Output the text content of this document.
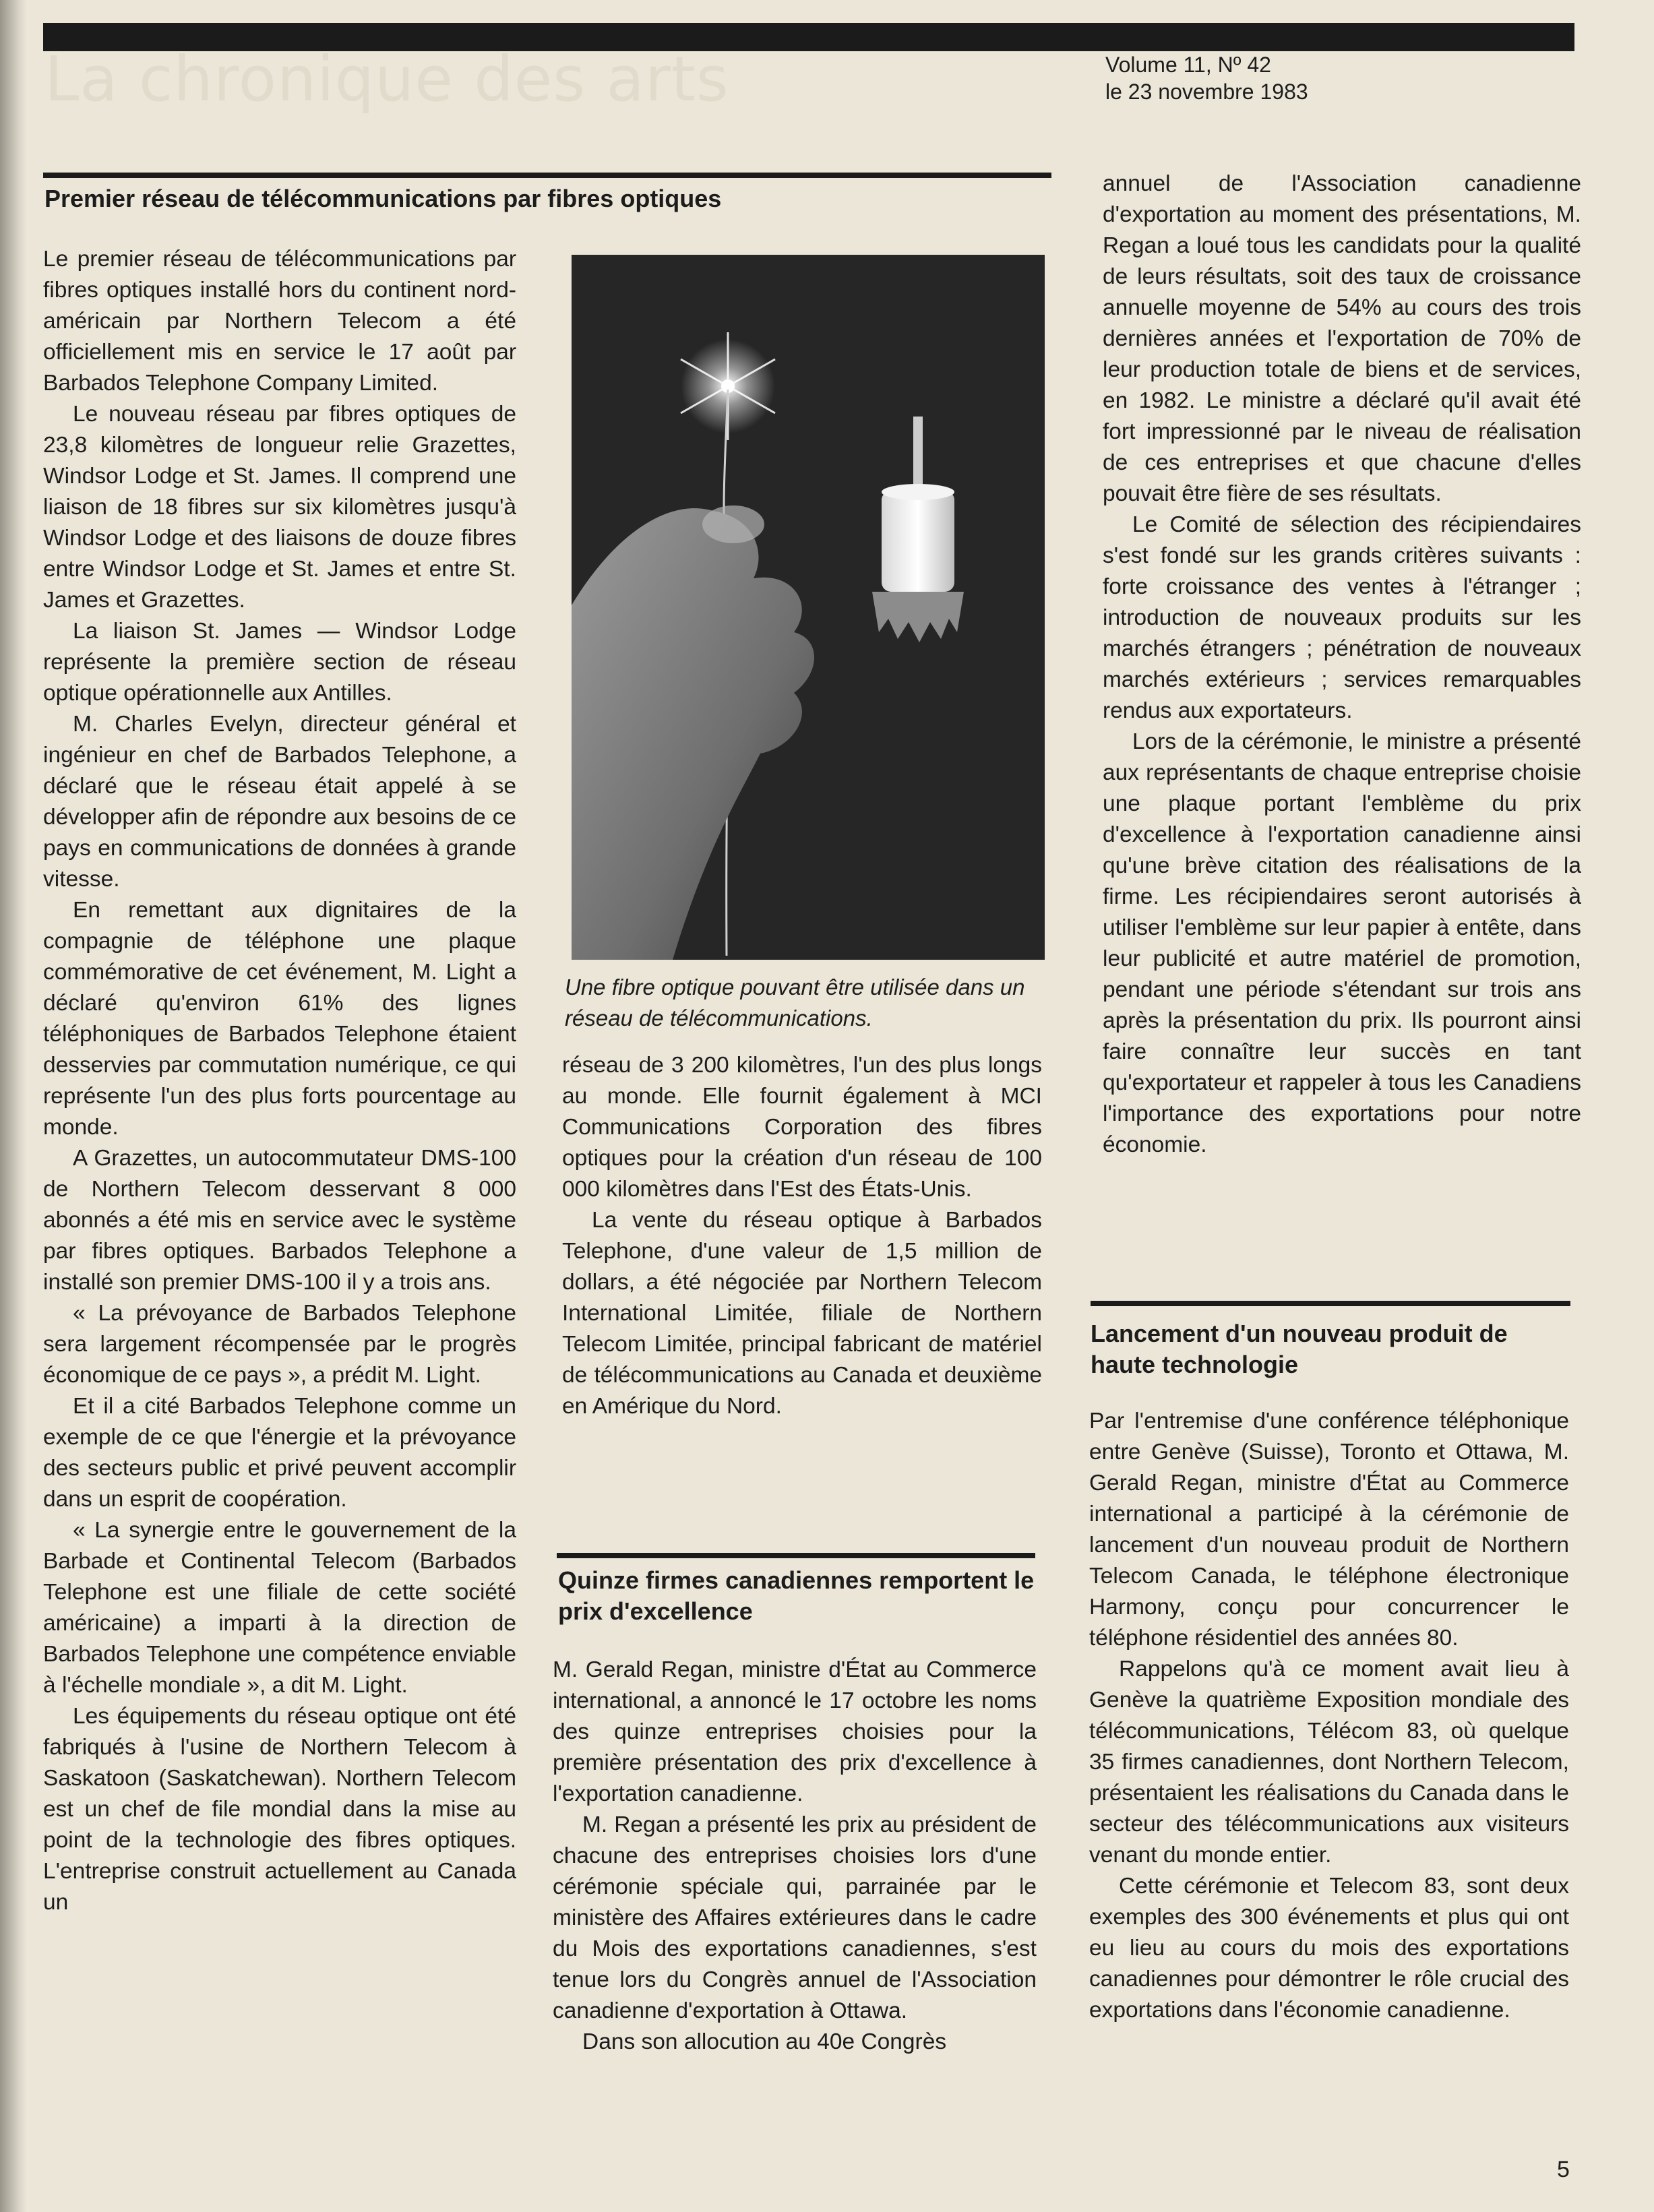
La chronique des arts	Volume 11, Nº 42
le 23 novembre 1983
Premier réseau de télécommunications par fibres optiques

Le premier réseau de télécommunications par fibres optiques installé hors du continent nord-américain par Northern Telecom a été officiellement mis en service le 17 août par Barbados Telephone Company Limited.

Le nouveau réseau par fibres optiques de 23,8 kilomètres de longueur relie Grazettes, Windsor Lodge et St. James. Il comprend une liaison de 18 fibres sur six kilomètres jusqu'à Windsor Lodge et des liaisons de douze fibres entre Windsor Lodge et St. James et entre St. James et Grazettes.

La liaison St. James — Windsor Lodge représente la première section de réseau optique opérationnelle aux Antilles.

M. Charles Evelyn, directeur général et ingénieur en chef de Barbados Telephone, a déclaré que le réseau était appelé à se développer afin de répondre aux besoins de ce pays en communications de données à grande vitesse.

En remettant aux dignitaires de la compagnie de téléphone une plaque commémorative de cet événement, M. Light a déclaré qu'environ 61% des lignes téléphoniques de Barbados Telephone étaient desservies par commutation numérique, ce qui représente l'un des plus forts pourcentage au monde.

A Grazettes, un autocommutateur DMS-100 de Northern Telecom desservant 8 000 abonnés a été mis en service avec le système par fibres optiques. Barbados Telephone a installé son premier DMS-100 il y a trois ans.

« La prévoyance de Barbados Telephone sera largement récompensée par le progrès économique de ce pays », a prédit M. Light.

Et il a cité Barbados Telephone comme un exemple de ce que l'énergie et la prévoyance des secteurs public et privé peuvent accomplir dans un esprit de coopération.

« La synergie entre le gouvernement de la Barbade et Continental Telecom (Barbados Telephone est une filiale de cette société américaine) a imparti à la direction de Barbados Telephone une compétence enviable à l'échelle mondiale », a dit M. Light.

Les équipements du réseau optique ont été fabriqués à l'usine de Northern Telecom à Saskatoon (Saskatchewan). Northern Telecom est un chef de file mondial dans la mise au point de la technologie des fibres optiques. L'entreprise construit actuellement au Canada un

Une fibre optique pouvant être utilisée dans un réseau de télécommunications.

réseau de 3 200 kilomètres, l'un des plus longs au monde. Elle fournit également à MCI Communications Corporation des fibres optiques pour la création d'un réseau de 100 000 kilomètres dans l'Est des États-Unis.

La vente du réseau optique à Barbados Telephone, d'une valeur de 1,5 million de dollars, a été négociée par Northern Telecom International Limitée, filiale de Northern Telecom Limitée, principal fabricant de matériel de télécommunications au Canada et deuxième en Amérique du Nord.

Quinze firmes canadiennes remportent le prix d'excellence

M. Gerald Regan, ministre d'État au Commerce international, a annoncé le 17 octobre les noms des quinze entreprises choisies pour la première présentation des prix d'excellence à l'exportation canadienne.

M. Regan a présenté les prix au président de chacune des entreprises choisies lors d'une cérémonie spéciale qui, parrainée par le ministère des Affaires extérieures dans le cadre du Mois des exportations canadiennes, s'est tenue lors du Congrès annuel de l'Association canadienne d'exportation à Ottawa.

Dans son allocution au 40e Congrès

annuel de l'Association canadienne d'exportation au moment des présentations, M. Regan a loué tous les candidats pour la qualité de leurs résultats, soit des taux de croissance annuelle moyenne de 54% au cours des trois dernières années et l'exportation de 70% de leur production totale de biens et de services, en 1982. Le ministre a déclaré qu'il avait été fort impressionné par le niveau de réalisation de ces entreprises et que chacune d'elles pouvait être fière de ses résultats.

Le Comité de sélection des récipiendaires s'est fondé sur les grands critères suivants : forte croissance des ventes à l'étranger ; introduction de nouveaux produits sur les marchés étrangers ; pénétration de nouveaux marchés extérieurs ; services remarquables rendus aux exportateurs.

Lors de la cérémonie, le ministre a présenté aux représentants de chaque entreprise choisie une plaque portant l'emblème du prix d'excellence à l'exportation canadienne ainsi qu'une brève citation des réalisations de la firme. Les récipiendaires seront autorisés à utiliser l'emblème sur leur papier à entête, dans leur publicité et autre matériel de promotion, pendant une période s'étendant sur trois ans après la présentation du prix. Ils pourront ainsi faire connaître leur succès en tant qu'exportateur et rappeler à tous les Canadiens l'importance des exportations pour notre économie.

Lancement d'un nouveau produit de haute technologie

Par l'entremise d'une conférence téléphonique entre Genève (Suisse), Toronto et Ottawa, M. Gerald Regan, ministre d'État au Commerce international a participé à la cérémonie de lancement d'un nouveau produit de Northern Telecom Canada, le téléphone électronique Harmony, conçu pour concurrencer le téléphone résidentiel des années 80.

Rappelons qu'à ce moment avait lieu à Genève la quatrième Exposition mondiale des télécommunications, Télécom 83, où quelque 35 firmes canadiennes, dont Northern Telecom, présentaient les réalisations du Canada dans le secteur des télécommunications aux visiteurs venant du monde entier.

Cette cérémonie et Telecom 83, sont deux exemples des 300 événements et plus qui ont eu lieu au cours du mois des exportations canadiennes pour démontrer le rôle crucial des exportations dans l'économie canadienne.

5
